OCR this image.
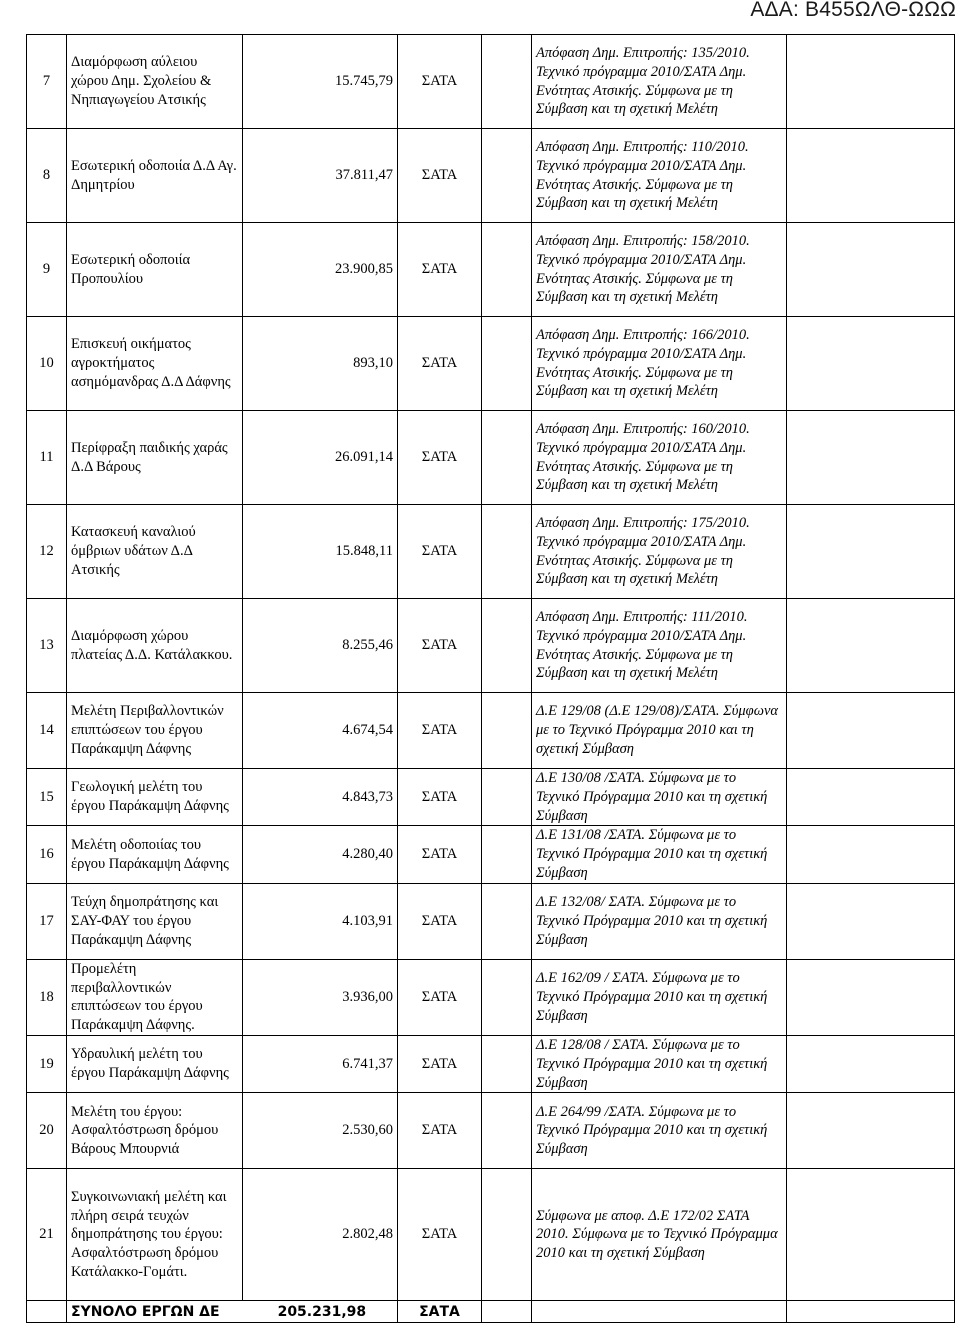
ΑΔΑ: Β455ΩΛΘ-ΩΩΩ
7	Διαμόρφωση αύλειου χώρου Δημ. Σχολείου & Νηπιαγωγείου Ατσικής	15.745,79	ΣΑΤΑ		Απόφαση Δημ. Επιτροπής: 135/2010. Τεχνικό πρόγραμμα 2010/ΣΑΤΑ Δημ. Ενότητας Ατσικής. Σύμφωνα με τη Σύμβαση και τη σχετική Μελέτη	
8	Εσωτερική οδοποιία Δ.Δ Αγ. Δημητρίου	37.811,47	ΣΑΤΑ		Απόφαση Δημ. Επιτροπής: 110/2010. Τεχνικό πρόγραμμα 2010/ΣΑΤΑ Δημ. Ενότητας Ατσικής. Σύμφωνα με τη Σύμβαση και τη σχετική Μελέτη	
9	Εσωτερική οδοποιία Προπουλίου	23.900,85	ΣΑΤΑ		Απόφαση Δημ. Επιτροπής: 158/2010. Τεχνικό πρόγραμμα 2010/ΣΑΤΑ Δημ. Ενότητας Ατσικής. Σύμφωνα με τη Σύμβαση και τη σχετική Μελέτη	
10	Επισκευή οικήματος αγροκτήματος ασημόμανδρας Δ.Δ Δάφνης	893,10	ΣΑΤΑ		Απόφαση Δημ. Επιτροπής: 166/2010. Τεχνικό πρόγραμμα 2010/ΣΑΤΑ Δημ. Ενότητας Ατσικής. Σύμφωνα με τη Σύμβαση και τη σχετική Μελέτη	
11	Περίφραξη παιδικής χαράς Δ.Δ Βάρους	26.091,14	ΣΑΤΑ		Απόφαση Δημ. Επιτροπής: 160/2010. Τεχνικό πρόγραμμα 2010/ΣΑΤΑ Δημ. Ενότητας Ατσικής. Σύμφωνα με τη Σύμβαση και τη σχετική Μελέτη	
12	Κατασκευή καναλιού όμβριων υδάτων Δ.Δ Ατσικής	15.848,11	ΣΑΤΑ		Απόφαση Δημ. Επιτροπής: 175/2010. Τεχνικό πρόγραμμα 2010/ΣΑΤΑ Δημ. Ενότητας Ατσικής. Σύμφωνα με τη Σύμβαση και τη σχετική Μελέτη	
13	Διαμόρφωση χώρου πλατείας Δ.Δ. Κατάλακκου.	8.255,46	ΣΑΤΑ		Απόφαση Δημ. Επιτροπής: 111/2010. Τεχνικό πρόγραμμα 2010/ΣΑΤΑ Δημ. Ενότητας Ατσικής. Σύμφωνα με τη Σύμβαση και τη σχετική Μελέτη	
14	Μελέτη Περιβαλλοντικών επιπτώσεων του έργου Παράκαμψη Δάφνης	4.674,54	ΣΑΤΑ		Δ.Ε 129/08 (Δ.Ε 129/08)/ΣΑΤΑ. Σύμφωνα με το Τεχνικό Πρόγραμμα 2010 και τη σχετική Σύμβαση	
15	Γεωλογική μελέτη του έργου Παράκαμψη Δάφνης	4.843,73	ΣΑΤΑ		Δ.Ε 130/08 /ΣΑΤΑ. Σύμφωνα με το Τεχνικό Πρόγραμμα 2010 και τη σχετική Σύμβαση	
16	Μελέτη οδοποιίας του έργου Παράκαμψη Δάφνης	4.280,40	ΣΑΤΑ		Δ.Ε 131/08 /ΣΑΤΑ. Σύμφωνα με το Τεχνικό Πρόγραμμα 2010 και τη σχετική Σύμβαση	
17	Τεύχη δημοπράτησης και ΣΑΥ-ΦΑΥ του έργου Παράκαμψη Δάφνης	4.103,91	ΣΑΤΑ		Δ.Ε 132/08/ ΣΑΤΑ. Σύμφωνα με το Τεχνικό Πρόγραμμα 2010 και τη σχετική Σύμβαση	
18	Προμελέτη περιβαλλοντικών επιπτώσεων του έργου Παράκαμψη Δάφνης.	3.936,00	ΣΑΤΑ		Δ.Ε 162/09 / ΣΑΤΑ. Σύμφωνα με το Τεχνικό Πρόγραμμα 2010 και τη σχετική Σύμβαση	
19	Υδραυλική μελέτη του έργου Παράκαμψη Δάφνης	6.741,37	ΣΑΤΑ		Δ.Ε 128/08 / ΣΑΤΑ. Σύμφωνα με το Τεχνικό Πρόγραμμα 2010 και τη σχετική Σύμβαση	
20	Μελέτη του έργου: Ασφαλτόστρωση δρόμου Βάρους Μπουρνιά	2.530,60	ΣΑΤΑ		Δ.Ε 264/99 /ΣΑΤΑ. Σύμφωνα με το Τεχνικό Πρόγραμμα 2010 και τη σχετική Σύμβαση	
21	Συγκοινωνιακή μελέτη και πλήρη σειρά τευχών δημοπράτησης του έργου: Ασφαλτόστρωση δρόμου Κατάλακκο-Γομάτι.	2.802,48	ΣΑΤΑ		Σύμφωνα με αποφ. Δ.Ε 172/02 ΣΑΤΑ 2010. Σύμφωνα με το Τεχνικό Πρόγραμμα 2010 και τη σχετική Σύμβαση	
	ΣΥΝΟΛΟ ΕΡΓΩΝ ΔΕ 205.231,98		ΣΑΤΑ			
